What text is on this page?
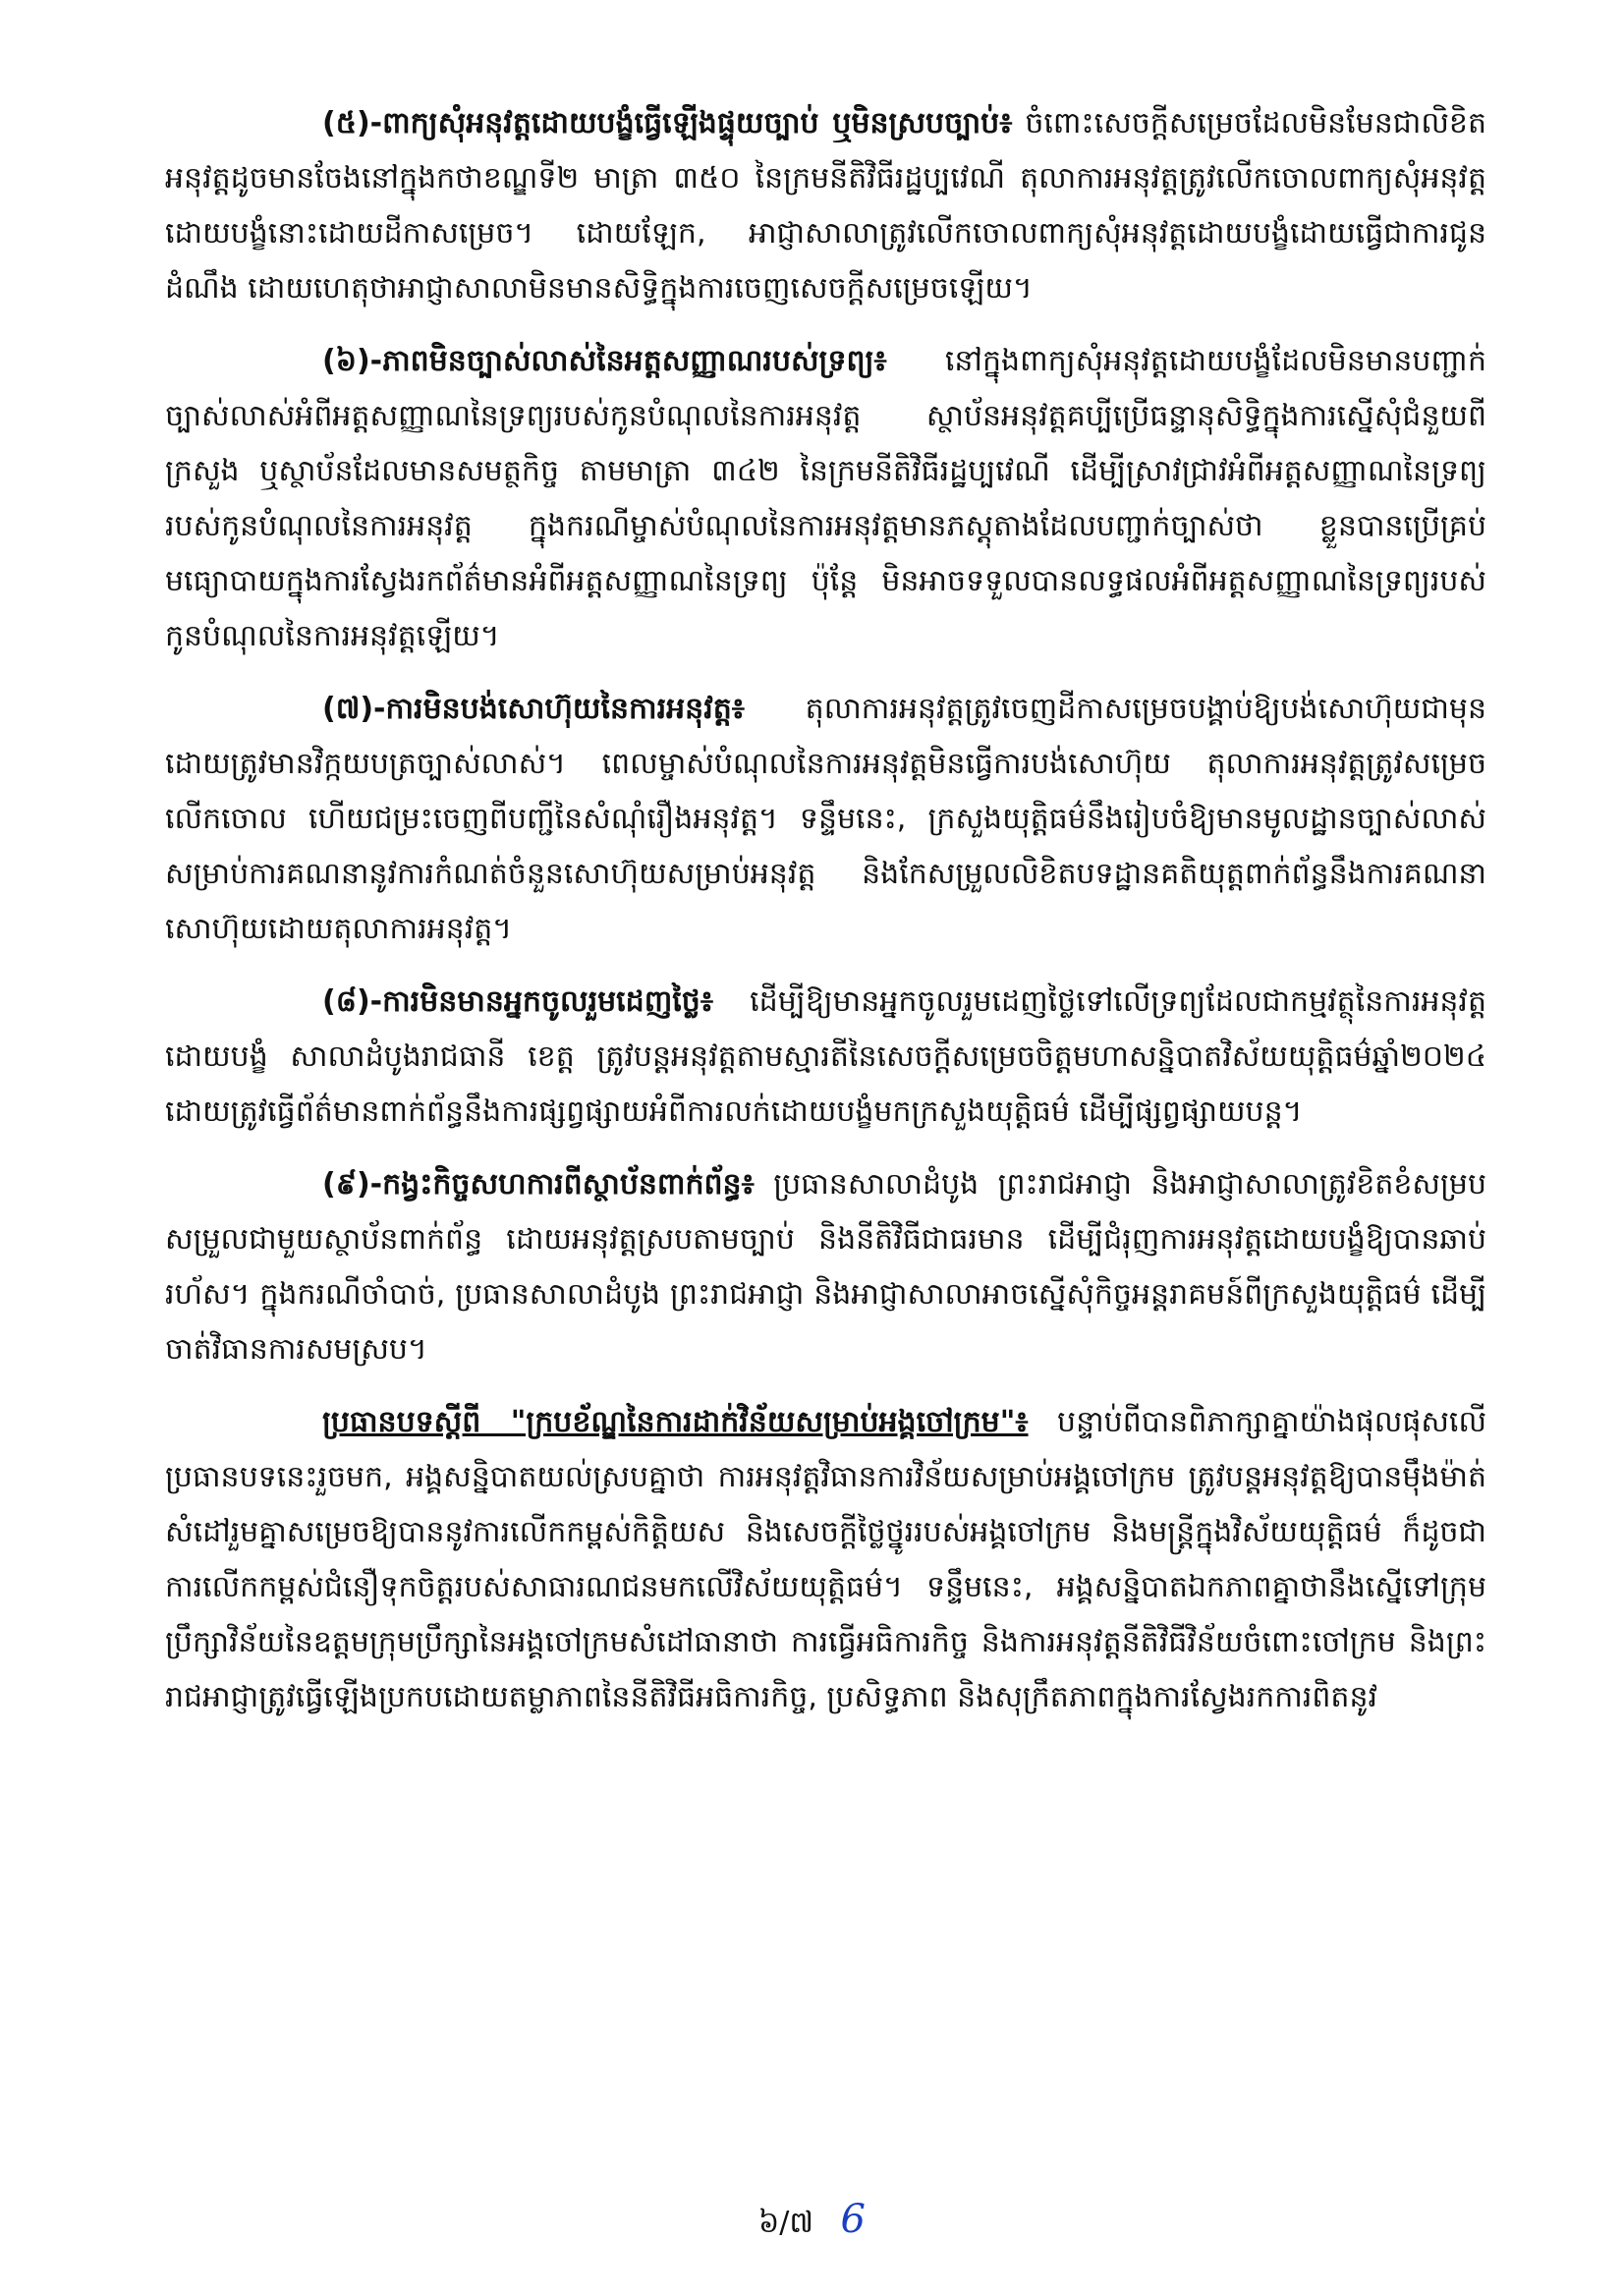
(៥)-ពាក្យសុំអនុវត្តដោយបង្ខំធ្វើឡើងផ្ទុយច្បាប់ ឬមិនស្របច្បាប់៖ ចំពោះសេចក្ដីសម្រេចដែលមិនមែនជាលិខិតអនុវត្តដូចមានចែងនៅក្នុងកថាខណ្ឌទី២ មាត្រា ៣៥០ នៃក្រមនីតិវិធីរដ្ឋប្បវេណី តុលាការអនុវត្តត្រូវលើកចោលពាក្យសុំអនុវត្តដោយបង្ខំនោះដោយដីកាសម្រេច។ ដោយឡែក, អាជ្ញាសាលាត្រូវលើកចោលពាក្យសុំអនុវត្តដោយបង្ខំដោយធ្វើជាការជូនដំណឹង ដោយហេតុថាអាជ្ញាសាលាមិនមានសិទ្ធិក្នុងការចេញសេចក្ដីសម្រេចឡើយ។

(៦)-ភាពមិនច្បាស់លាស់នៃអត្តសញ្ញាណរបស់ទ្រព្យ៖ នៅក្នុងពាក្យសុំអនុវត្តដោយបង្ខំដែលមិនមានបញ្ជាក់ច្បាស់លាស់អំពីអត្តសញ្ញាណនៃទ្រព្យរបស់កូនបំណុលនៃការអនុវត្ត ស្ថាប័នអនុវត្តគប្បីប្រើធន្ទានុសិទ្ធិក្នុងការស្នើសុំជំនួយពីក្រសួង ឬស្ថាប័នដែលមានសមត្ថកិច្ច តាមមាត្រា ៣៤២ នៃក្រមនីតិវិធីរដ្ឋប្បវេណី ដើម្បីស្រាវជ្រាវអំពីអត្តសញ្ញាណនៃទ្រព្យរបស់កូនបំណុលនៃការអនុវត្ត ក្នុងករណីម្ចាស់បំណុលនៃការអនុវត្តមានភស្តុតាងដែលបញ្ជាក់ច្បាស់ថា ខ្លួនបានប្រើគ្រប់មធ្យោបាយក្នុងការស្វែងរកព័ត៌មានអំពីអត្តសញ្ញាណនៃទ្រព្យ ប៉ុន្តែ មិនអាចទទួលបានលទ្ធផលអំពីអត្តសញ្ញាណនៃទ្រព្យរបស់កូនបំណុលនៃការអនុវត្តឡើយ។

(៧)-ការមិនបង់សោហ៊ុយនៃការអនុវត្ត៖ តុលាការអនុវត្តត្រូវចេញដីកាសម្រេចបង្គាប់ឱ្យបង់សោហ៊ុយជាមុន ដោយត្រូវមានវិក្កយបត្រច្បាស់លាស់។ ពេលម្ចាស់បំណុលនៃការអនុវត្តមិនធ្វើការបង់សោហ៊ុយ តុលាការអនុវត្តត្រូវសម្រេចលើកចោល ហើយជម្រះចេញពីបញ្ជីនៃសំណុំរឿងអនុវត្ត។ ទន្ទឹមនេះ, ក្រសួងយុត្តិធម៌នឹងរៀបចំឱ្យមានមូលដ្ឋានច្បាស់លាស់សម្រាប់ការគណនានូវការកំណត់ចំនួនសោហ៊ុយសម្រាប់អនុវត្ត និងកែសម្រួលលិខិតបទដ្ឋានគតិយុត្តពាក់ព័ន្ធនឹងការគណនាសោហ៊ុយដោយតុលាការអនុវត្ត។

(៨)-ការមិនមានអ្នកចូលរួមដេញថ្លៃ៖ ដើម្បីឱ្យមានអ្នកចូលរួមដេញថ្លៃទៅលើទ្រព្យដែលជាកម្មវត្ថុនៃការអនុវត្តដោយបង្ខំ សាលាដំបូងរាជធានី ខេត្ត ត្រូវបន្តអនុវត្តតាមស្មារតីនៃសេចក្ដីសម្រេចចិត្តមហាសន្និបាតវិស័យយុត្តិធម៌ឆ្នាំ២០២៤ ដោយត្រូវធ្វើព័ត៌មានពាក់ព័ន្ធនឹងការផ្សព្វផ្សាយអំពីការលក់ដោយបង្ខំមកក្រសួងយុត្តិធម៌ ដើម្បីផ្សព្វផ្សាយបន្ត។

(៩)-កង្វះកិច្ចសហការពីស្ថាប័នពាក់ព័ន្ធ៖ ប្រធានសាលាដំបូង ព្រះរាជអាជ្ញា និងអាជ្ញាសាលាត្រូវខិតខំសម្របសម្រួលជាមួយស្ថាប័នពាក់ព័ន្ធ ដោយអនុវត្តស្របតាមច្បាប់ និងនីតិវិធីជាធរមាន ដើម្បីជំរុញការអនុវត្តដោយបង្ខំឱ្យបានឆាប់រហ័ស។ ក្នុងករណីចាំបាច់, ប្រធានសាលាដំបូង ព្រះរាជអាជ្ញា និងអាជ្ញាសាលាអាចស្នើសុំកិច្ចអន្តរាគមន៍ពីក្រសួងយុត្តិធម៌ ដើម្បីចាត់វិធានការសមស្រប។

ប្រធានបទស្ដីពី "ក្របខ័ណ្ឌនៃការដាក់វិន័យសម្រាប់អង្គចៅក្រម"៖ បន្ទាប់ពីបានពិភាក្សាគ្នាយ៉ាងផុលផុសលើប្រធានបទនេះរួចមក, អង្គសន្និបាតយល់ស្របគ្នាថា ការអនុវត្តវិធានការវិន័យសម្រាប់អង្គចៅក្រម ត្រូវបន្តអនុវត្តឱ្យបានម៉ឹងម៉ាត់ សំដៅរួមគ្នាសម្រេចឱ្យបាននូវការលើកកម្ពស់កិត្តិយស និងសេចក្ដីថ្លៃថ្នូររបស់អង្គចៅក្រម និងមន្ត្រីក្នុងវិស័យយុត្តិធម៌ ក៏ដូចជា ការលើកកម្ពស់ជំនឿទុកចិត្តរបស់សាធារណជនមកលើវិស័យយុត្តិធម៌។ ទន្ទឹមនេះ, អង្គសន្និបាតឯកភាពគ្នាថានឹងស្នើទៅក្រុមប្រឹក្សាវិន័យនៃឧត្តមក្រុមប្រឹក្សានៃអង្គចៅក្រមសំដៅធានាថា ការធ្វើអធិការកិច្ច និងការអនុវត្តនីតិវិធីវិន័យចំពោះចៅក្រម និងព្រះរាជអាជ្ញាត្រូវធ្វើឡើងប្រកបដោយតម្លាភាពនៃនីតិវិធីអធិការកិច្ច, ប្រសិទ្ធភាព និងសុក្រឹតភាពក្នុងការស្វែងរកការពិតនូវ

៦/៧ 6
